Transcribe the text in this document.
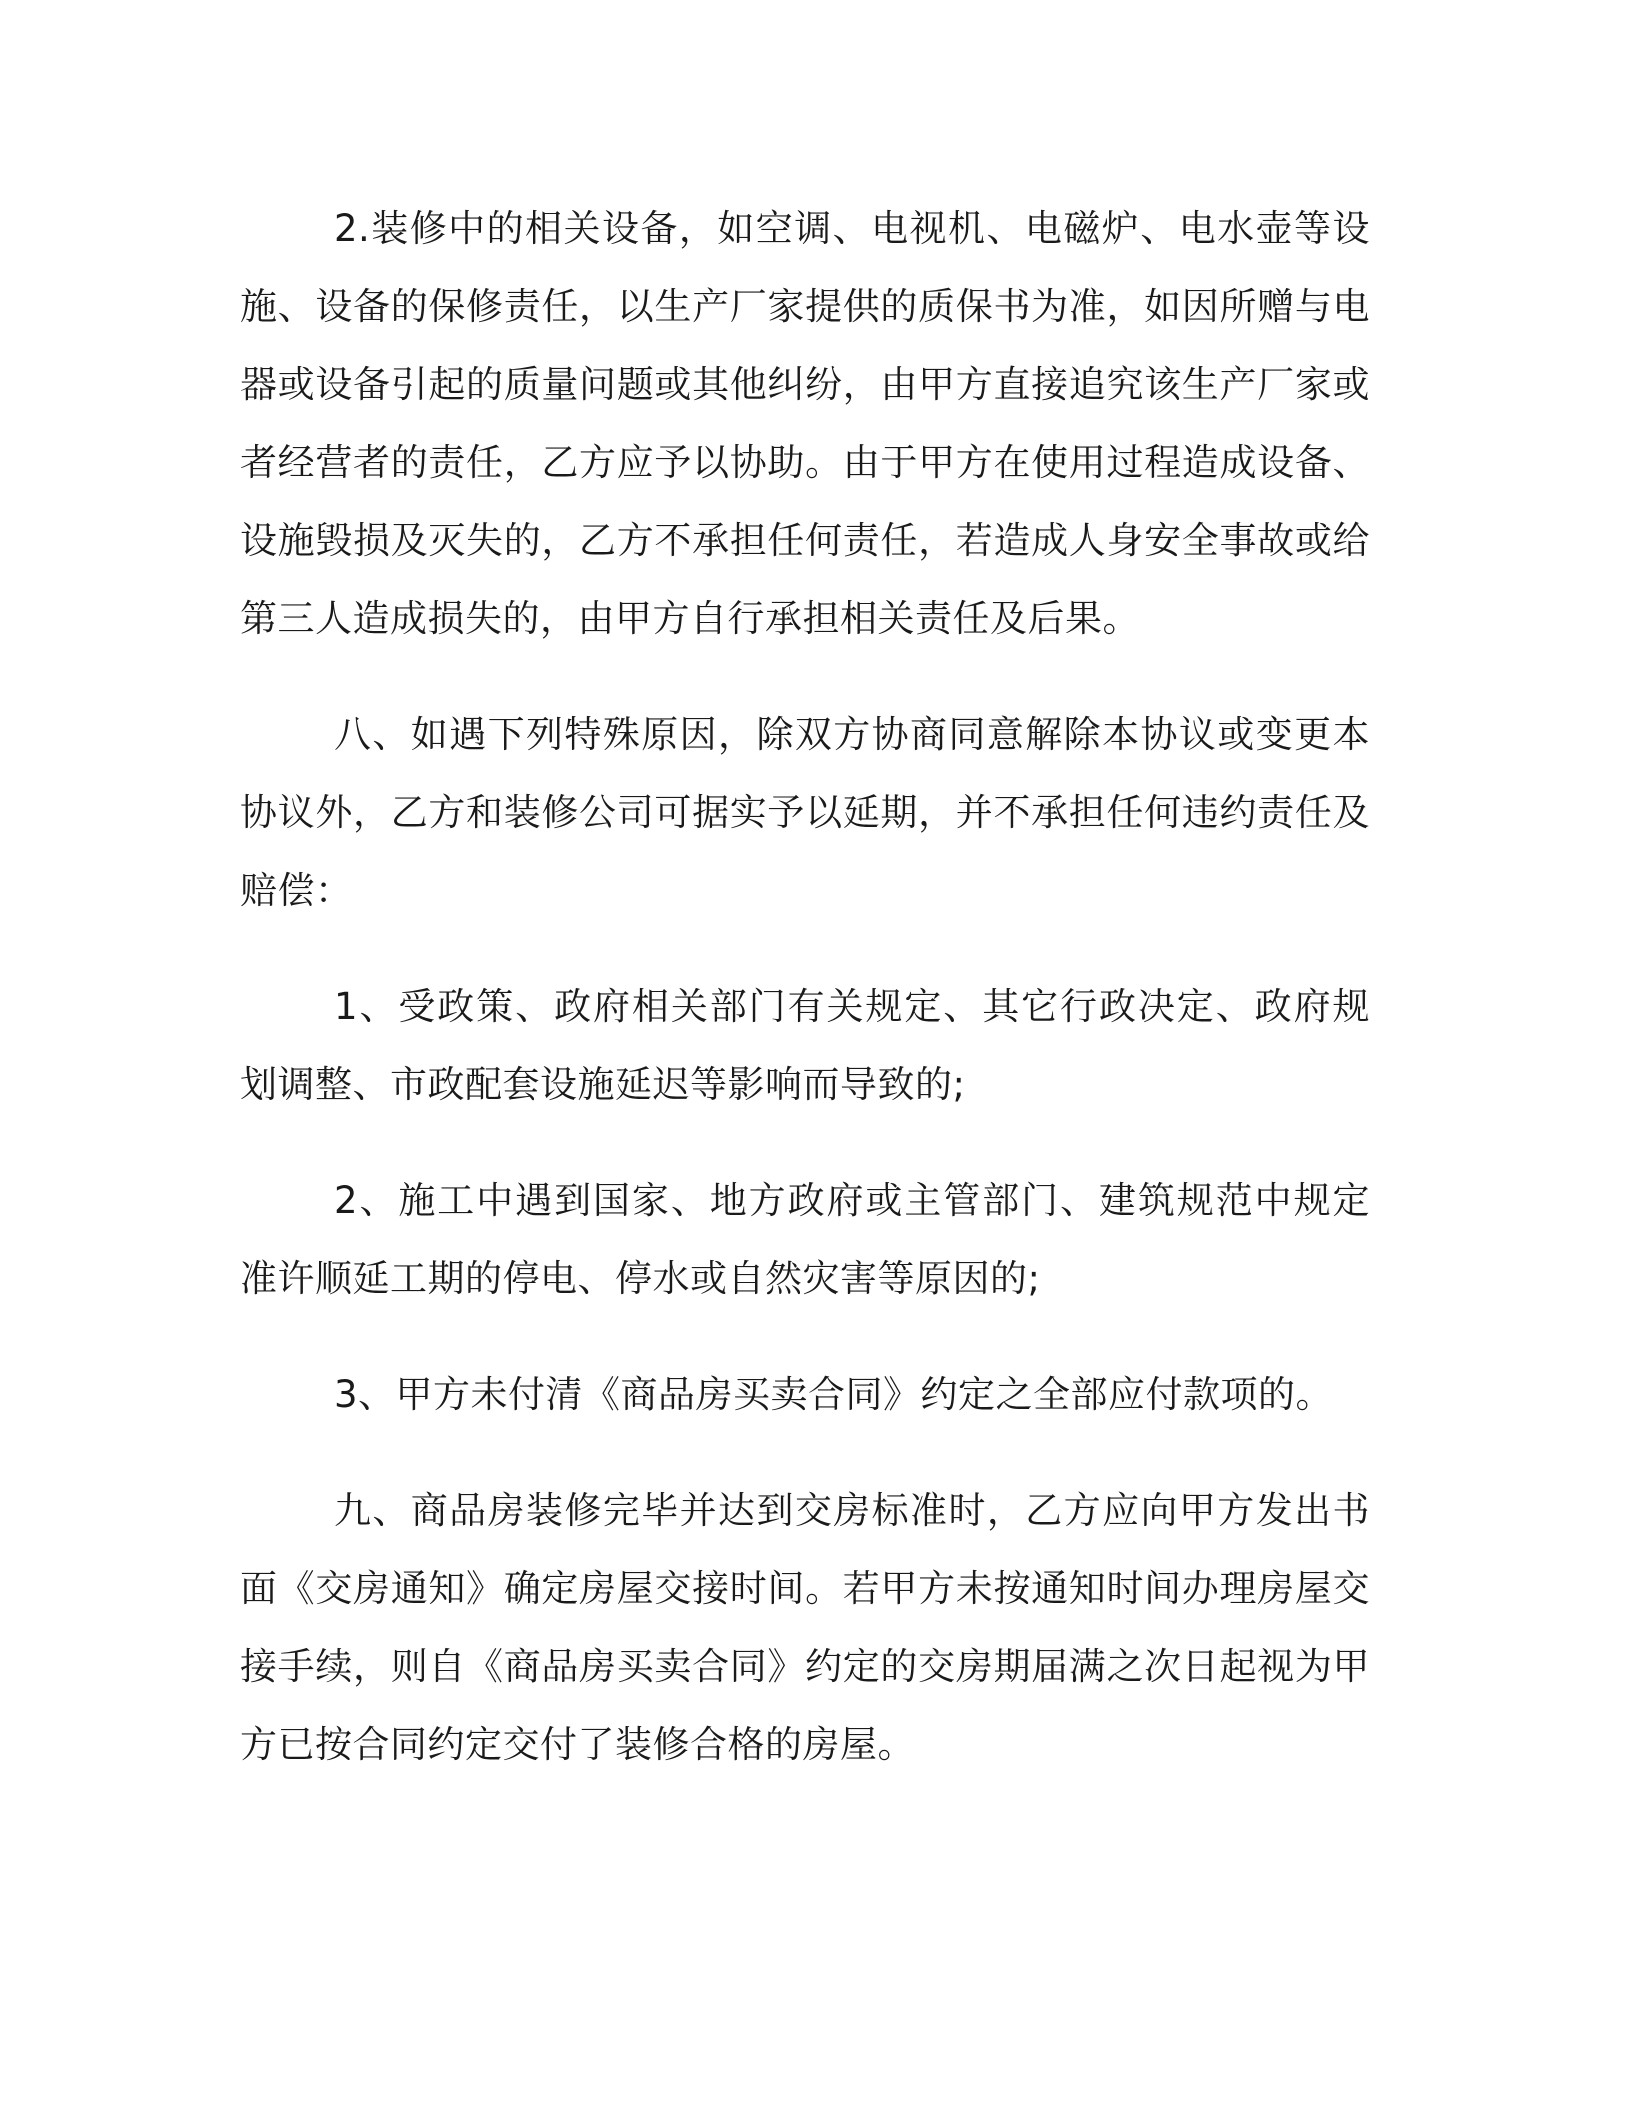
2.装修中的相关设备，如空调、电视机、电磁炉、电水壶等设施、设备的保修责任，以生产厂家提供的质保书为准，如因所赠与电器或设备引起的质量问题或其他纠纷，由甲方直接追究该生产厂家或者经营者的责任，乙方应予以协助。由于甲方在使用过程造成设备、设施毁损及灭失的，乙方不承担任何责任，若造成人身安全事故或给第三人造成损失的，由甲方自行承担相关责任及后果。

八、如遇下列特殊原因，除双方协商同意解除本协议或变更本协议外，乙方和装修公司可据实予以延期，并不承担任何违约责任及赔偿：

1、受政策、政府相关部门有关规定、其它行政决定、政府规划调整、市政配套设施延迟等影响而导致的;

2、施工中遇到国家、地方政府或主管部门、建筑规范中规定准许顺延工期的停电、停水或自然灾害等原因的;

3、甲方未付清《商品房买卖合同》约定之全部应付款项的。

九、商品房装修完毕并达到交房标准时，乙方应向甲方发出书面《交房通知》确定房屋交接时间。若甲方未按通知时间办理房屋交接手续，则自《商品房买卖合同》约定的交房期届满之次日起视为甲方已按合同约定交付了装修合格的房屋。
